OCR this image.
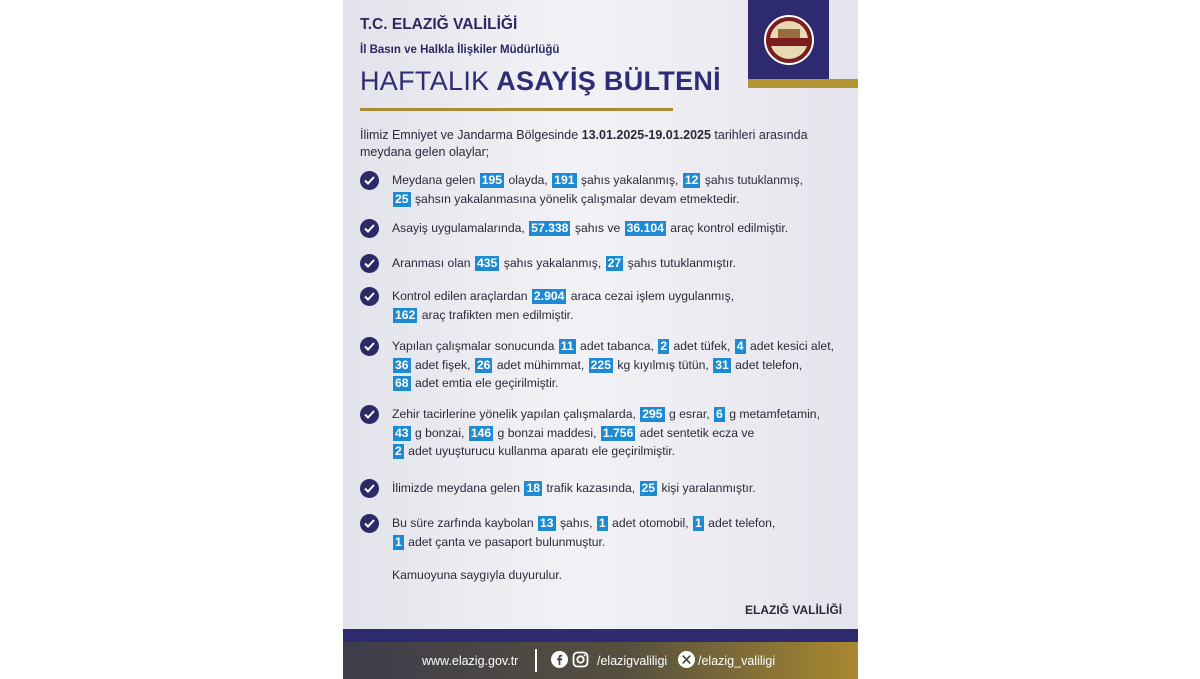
T.C. ELAZIĞ VALİLİĞİ
İl Basın ve Halkla İlişkiler Müdürlüğü
HAFTALIK ASAYİŞ BÜLTENİ
İlimiz Emniyet ve Jandarma Bölgesinde 13.01.2025-19.01.2025 tarihleri arasında meydana gelen olaylar;
Meydana gelen 195 olayda, 191 şahıs yakalanmış, 12 şahıs tutuklanmış,
25 şahsın yakalanmasına yönelik çalışmalar devam etmektedir.
Asayiş uygulamalarında, 57.338 şahıs ve 36.104 araç kontrol edilmiştir.
Aranması olan 435 şahıs yakalanmış, 27 şahıs tutuklanmıştır.
Kontrol edilen araçlardan 2.904 araca cezai işlem uygulanmış,
162 araç trafikten men edilmiştir.
Yapılan çalışmalar sonucunda 11 adet tabanca, 2 adet tüfek, 4 adet kesici alet,
36 adet fişek, 26 adet mühimmat, 225 kg kıyılmış tütün, 31 adet telefon,
68 adet emtia ele geçirilmiştir.
Zehir tacirlerine yönelik yapılan çalışmalarda, 295 g esrar, 6 g metamfetamin,
43 g bonzai, 146 g bonzai maddesi, 1.756 adet sentetik ecza ve
2 adet uyuşturucu kullanma aparatı ele geçirilmiştir.
İlimizde meydana gelen 18 trafik kazasında, 25 kişi yaralanmıştır.
Bu süre zarfında kaybolan 13 şahıs, 1 adet otomobil, 1 adet telefon,
1 adet çanta ve pasaport bulunmuştur.
Kamuoyuna saygıyla duyurulur.
ELAZIĞ VALİLİĞİ
www.elazig.gov.tr	/elazigvaliligi /elazig_valiligi
